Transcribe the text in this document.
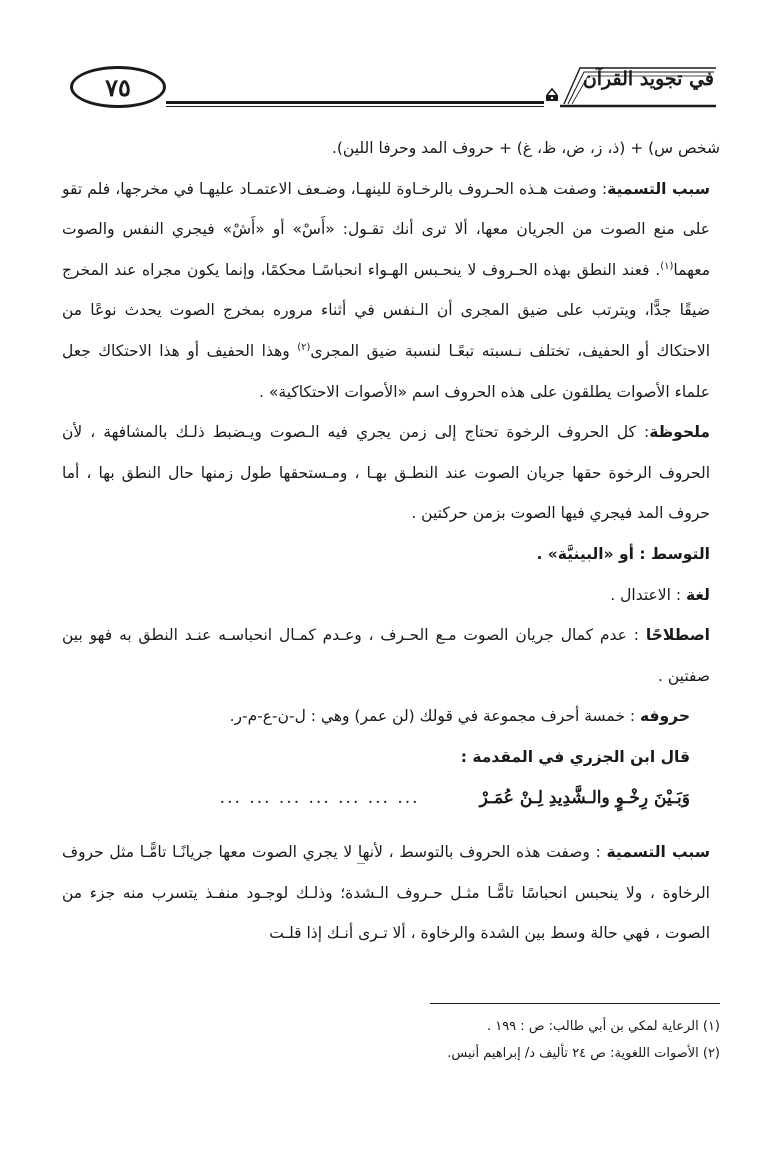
٧٥	في تجويد القرآن

شخص س) + (ذ، ز، ض، ظ، غ) + حروف المد وحرفا اللين).

سبب التسمية: وصفت هـذه الحـروف بالرخـاوة للينهـا، وضـعف الاعتمـاد عليهـا في مخرجها، فلم تقو على منع الصوت من الجريان معها، ألا ترى أنك تقـول: «أَسْ» أو «أَشْ» فيجري النفس والصوت معهما$^{(١)}$. فعند النطق بهذه الحـروف لا ينحـبس الهـواء انحباسًـا محكمًا، وإنما يكون مجراه عند المخرج ضيقًا جدًّا، ويترتب على ضيق المجرى أن الـنفس في أثناء مروره بمخرج الصوت يحدث نوعًا من الاحتكاك أو الحفيف، تختلف نـسبته تبعًـا لنسبة ضيق المجرى$^{(٢)}$ وهذا الحفيف أو هذا الاحتكاك جعل علماء الأصوات يطلقون على هذه الحروف اسم «الأصوات الاحتكاكية» .

ملحوظة: كل الحروف الرخوة تحتاج إلى زمن يجري فيه الـصوت ويـضبط ذلـك بالمشافهة ، لأن الحروف الرخوة حقها جريان الصوت عند النطـق بهـا ، ومـستحقها طول زمنها حال النطق بها ، أما حروف المد فيجري فيها الصوت بزمن حركتين .

التوسط : أو «البينيَّة» .

لغة : الاعتدال .

اصطلاحًا : عدم كمال جريان الصوت مـع الحـرف ، وعـدم كمـال انحباسـه عنـد النطق به فهو بين صفتين .

حروفه : خمسة أحرف مجموعة في قولك (لن عمر) وهي : ل-ن-ع-م-ر.

قال ابن الجزري في المقدمة :

وَبَـيْنَ رِخْـوٍ والـشَّدِيدِ لِـنْ عُمَـرْ
... ... ... ... ... ... ...

سبب التسمية : وصفت هذه الحروف بالتوسط ، لأنها لا يجري الصوت معها جريانًـا تامًّـا مثل حروف الرخاوة ، ولا ينحبس انحباسًا تامًّـا مثـل حـروف الـشدة؛ وذلـك لوجـود منفـذ يتسرب منه جزء من الصوت ، فهي حالة وسط بين الشدة والرخاوة ، ألا تـرى أنـك إذا قلـت

(١) الرعاية لمكي بن أبي طالب: ص : ١٩٩ .

(٢) الأصوات اللغوية: ص ٢٤ تأليف د/ إبراهيم أنيس.
